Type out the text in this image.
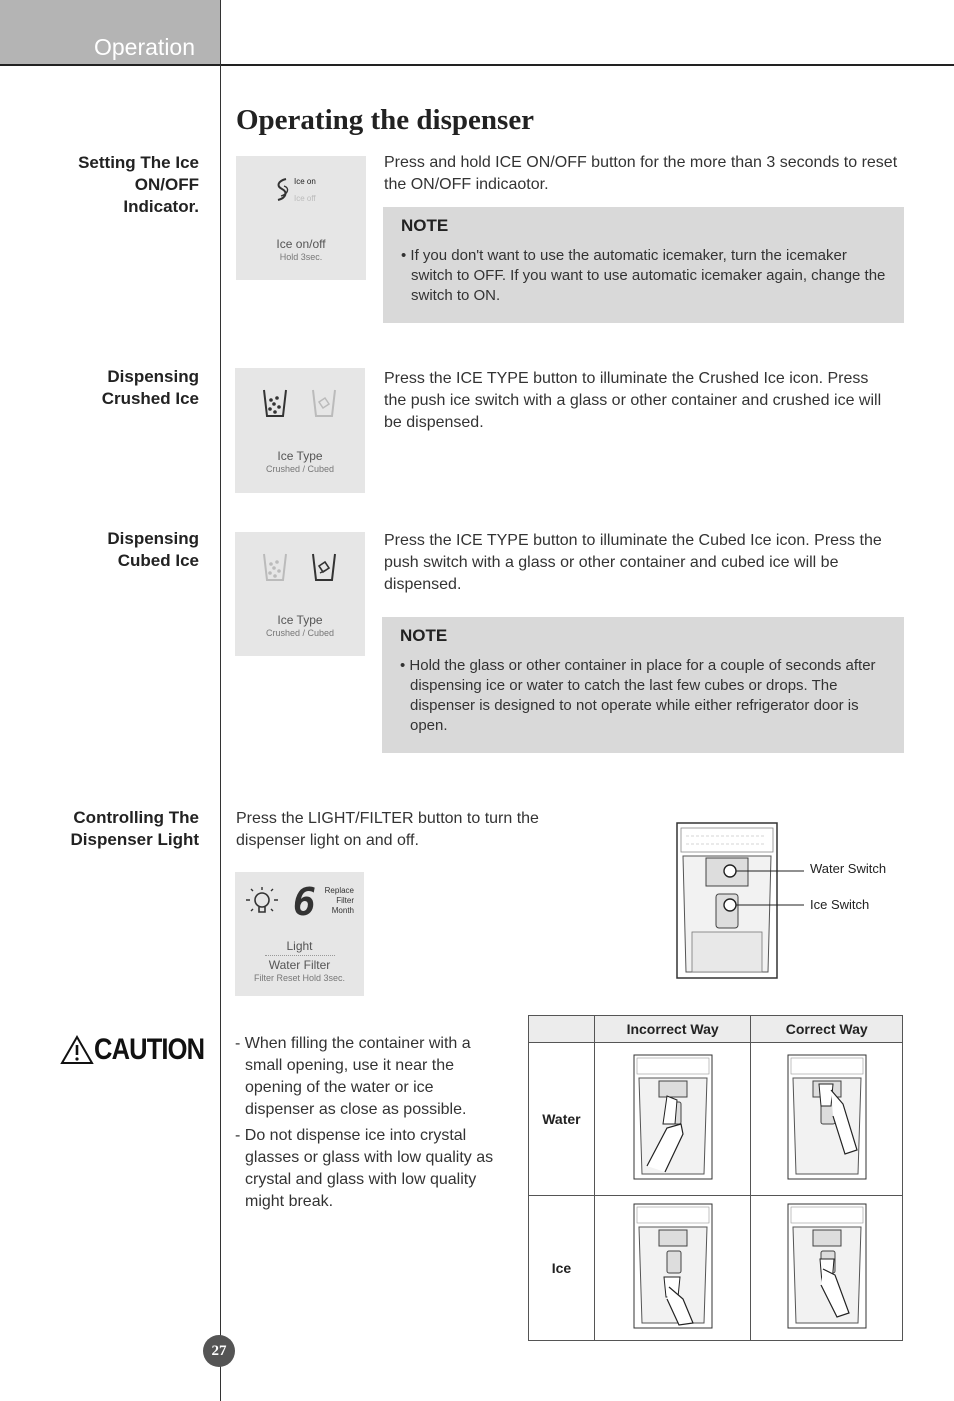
Operation
Operating the dispenser
Setting The Ice
ON/OFF
Indicator.
Ice on
Ice off
Ice on/off
Hold 3sec.
Press and hold ICE ON/OFF button for the more than 3 seconds to reset the ON/OFF indicaotor.
NOTE
• If you don't want to use the automatic icemaker, turn the icemaker switch to OFF. If you want to use automatic icemaker again, change the switch to ON.
Dispensing
Crushed Ice
Ice Type
Crushed / Cubed
Press the ICE TYPE button to illuminate the Crushed Ice icon. Press the push ice switch with a glass or other container and crushed ice will be dispensed.
Dispensing
Cubed Ice
Ice Type
Crushed / Cubed
Press the ICE TYPE button to illuminate the Cubed Ice icon. Press the push switch with a glass or other container and cubed ice will be dispensed.
NOTE
• Hold the glass or other container in place for a couple of seconds after dispensing ice or water to catch the last few cubes or drops. The dispenser is designed to not operate while either refrigerator door is open.
Controlling The
Dispenser Light
Press the LIGHT/FILTER button to turn the dispenser light on and off.
6	Replace
Filter
Month
Light
Water Filter
Filter Reset Hold 3sec.
Water Switch
Ice Switch
CAUTION - When filling the container with a small opening, use it near the opening of the water or ice dispenser as close as possible.
- Do not dispense ice into crystal glasses or glass with low quality as crystal and glass with low quality might break.
	Incorrect Way	Correct Way
Water		
Ice		
27
